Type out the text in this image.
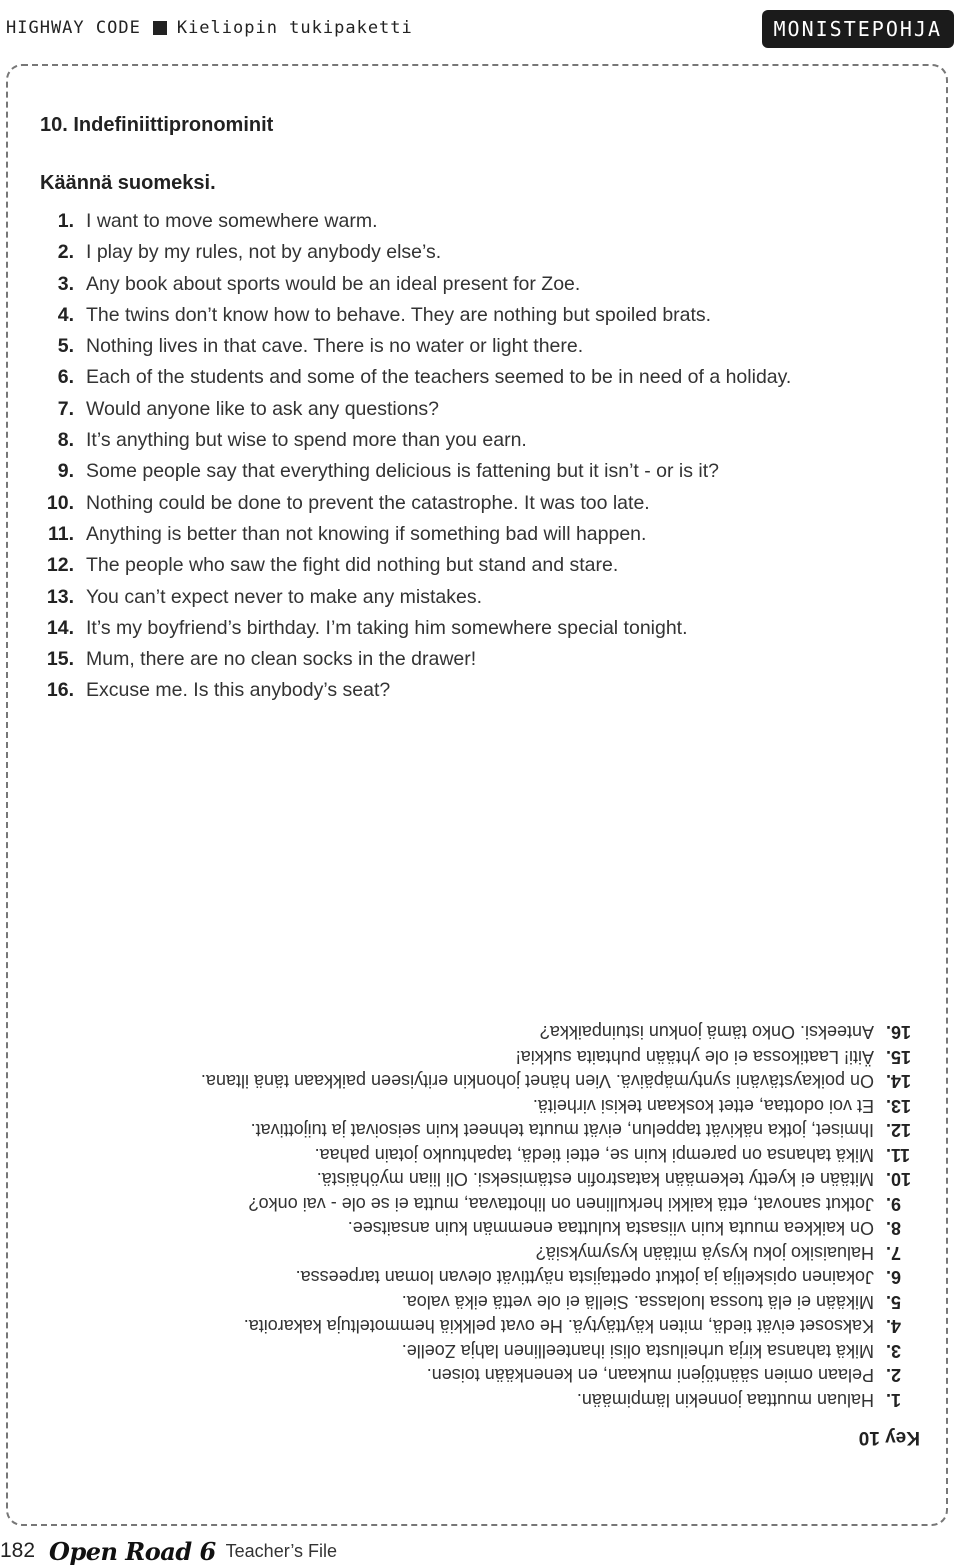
HIGHWAY CODE Kieliopin tukipaketti	MONISTEPOHJA
10. Indefiniittipronominit
Käännä suomeksi.
1. I want to move somewhere warm.
2. I play by my rules, not by anybody else’s.
3. Any book about sports would be an ideal present for Zoe.
4. The twins don’t know how to behave. They are nothing but spoiled brats.
5. Nothing lives in that cave. There is no water or light there.
6. Each of the students and some of the teachers seemed to be in need of a holiday.
7. Would anyone like to ask any questions?
8. It’s anything but wise to spend more than you earn.
9. Some people say that everything delicious is fattening but it isn’t - or is it?
10. Nothing could be done to prevent the catastrophe. It was too late.
11. Anything is better than not knowing if something bad will happen.
12. The people who saw the fight did nothing but stand and stare.
13. You can’t expect never to make any mistakes.
14. It’s my boyfriend’s birthday. I’m taking him somewhere special tonight.
15. Mum, there are no clean socks in the drawer!
16. Excuse me. Is this anybody’s seat?
Key 10
1.
Haluan muuttaa jonnekin lämpimään.
2.
Pelaan omien sääntöjeni mukaan, en kenenkään toisen.
3.
Mikä tahansa kirja urheilusta olisi ihanteellinen lahja Zoelle.
4.
Kaksoset eivät tiedä, miten käyttäytyä. He ovat pelkkiä hemmoteltuja kakaroita.
5.
Mikään ei elä tuossa luolassa. Siellä ei ole vettä eikä valoa.
6.
Jokainen opiskelija ja jotkut opettajista näyttivät olevan loman tarpeessa.
7.
Haluaisiko joku kysyä mitään kysymyksiä?
8.
On kaikkea muuta kuin viisasta kuluttaa enemmän kuin ansaitsee.
9.
Jotkut sanovat, että kaikki herkullinen on lihottavaa, mutta ei se ole - vai onko?
10.
Mitään ei kyetty tekemään katastrofin estämiseksi. Oli liian myöhäistä.
11.
Mikä tahansa on parempi kuin se, ettei tiedä, tapahtuuko jotain pahaa.
12.
Ihmiset, jotka näkivät tappelun, eivät muuta tehneet kuin seisoivat ja tuijottivat.
13.
Et voi odottaa, ettet koskaan tekisi virheitä.
14.
On poikaystäväni syntymäpäivä. Vien hänet johonkin erityiseen paikkaan tänä iltana.
15.
Äiti! Laatikossa ei ole yhtään puhtaita sukkia!
16.
Anteeksi. Onko tämä jonkun istuinpaikka?
182 Open Road 6 Teacher’s File
